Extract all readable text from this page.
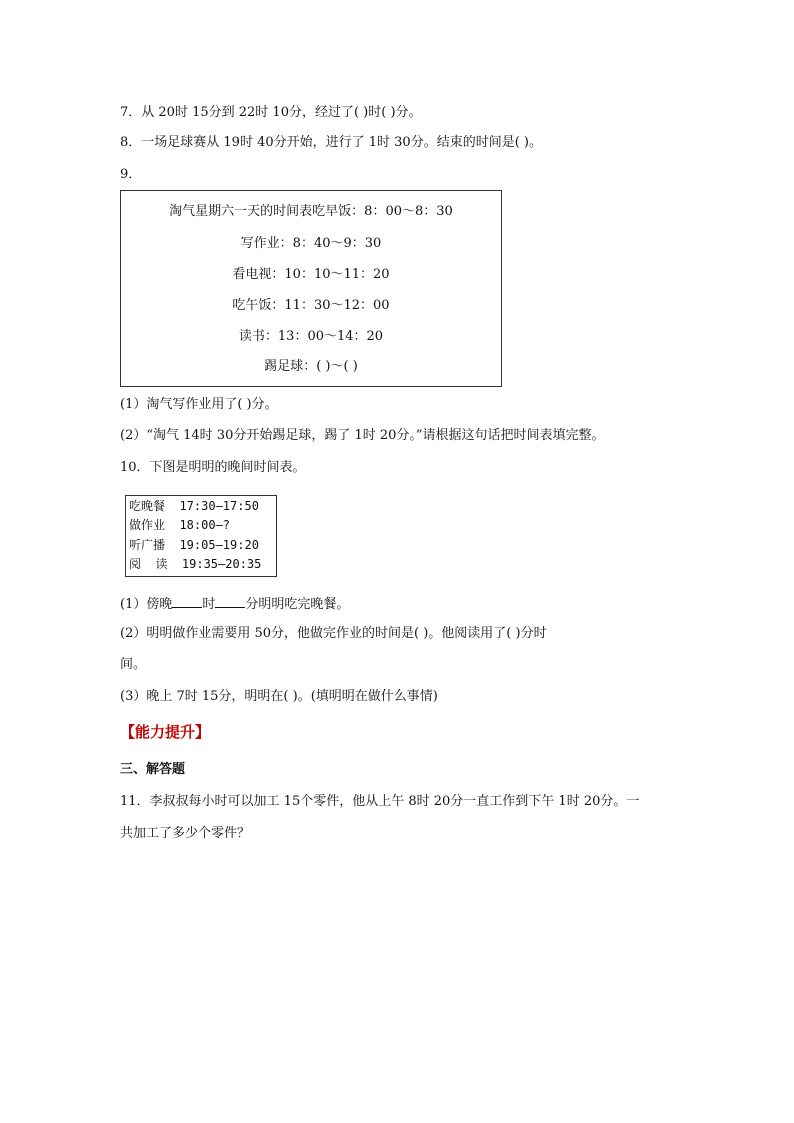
7．从 20时 15分到 22时 10分，经过了( )时( )分。
8．一场足球赛从 19时 40分开始，进行了 1时 30分。结束的时间是( )。
9．
淘气星期六一天的时间表吃早饭：8：00～8：30
写作业：8：40～9：30
看电视：10：10～11：20
吃午饭：11：30～12：00
读书：13：00～14：20
踢足球：( )～( )
(1）淘气写作业用了( )分。
(2）“淘气 14时 30分开始踢足球，踢了 1时 20分。”请根据这句话把时间表填完整。
10．下图是明明的晚间时间表。
吃晚餐  17:30—17:50
做作业  18:00—?
听广播  19:05—19:20
阅  读  19:35—20:35
(1）傍晚 时 分明明吃完晚餐。
(2）明明做作业需要用 50分，他做完作业的时间是( )。他阅读用了( )分时
间。
(3）晚上 7时 15分，明明在( )。(填明明在做什么事情)
【能力提升】
三、解答题
11．李叔叔每小时可以加工 15个零件，他从上午 8时 20分一直工作到下午 1时 20分。一
共加工了多少个零件？
